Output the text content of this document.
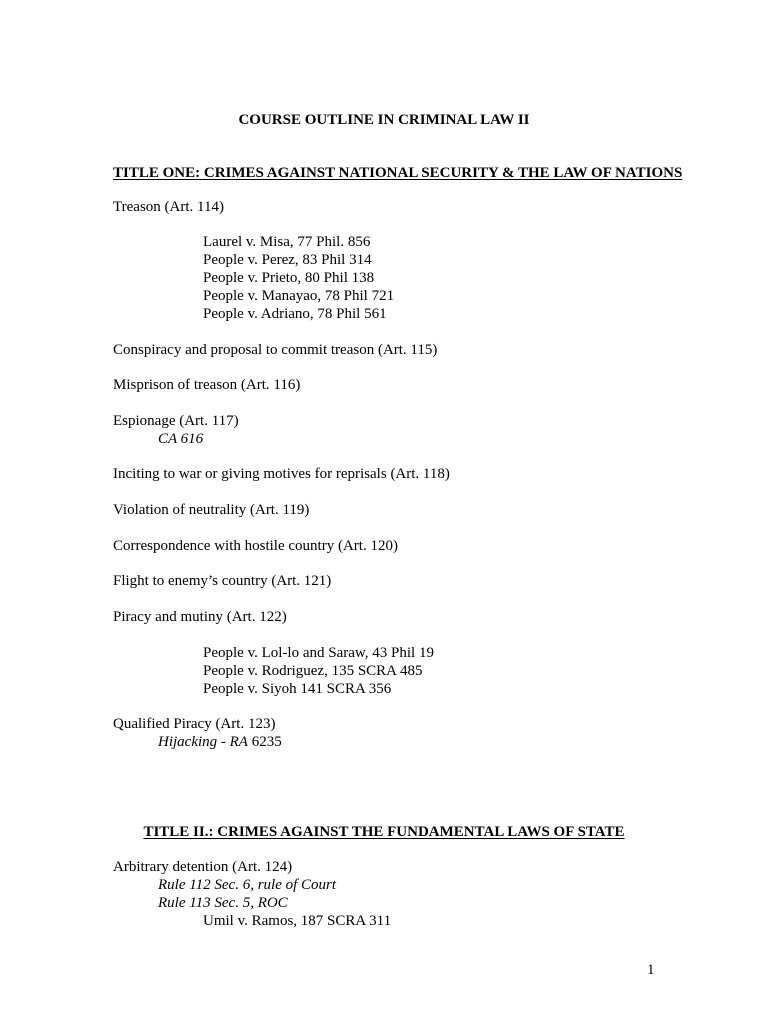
COURSE OUTLINE IN CRIMINAL LAW II
TITLE ONE: CRIMES AGAINST NATIONAL SECURITY & THE LAW OF NATIONS
Treason (Art. 114)
Laurel v. Misa, 77 Phil. 856
People v. Perez, 83 Phil 314
People v. Prieto, 80 Phil 138
People v. Manayao, 78 Phil 721
People v. Adriano, 78 Phil 561
Conspiracy and proposal to commit treason (Art. 115)
Misprison of treason (Art. 116)
Espionage (Art. 117)
CA 616
Inciting to war or giving motives for reprisals (Art. 118)
Violation of neutrality (Art. 119)
Correspondence with hostile country (Art. 120)
Flight to enemy’s country (Art. 121)
Piracy and mutiny (Art. 122)
People v. Lol-lo and Saraw, 43 Phil 19
People v. Rodriguez, 135 SCRA 485
People v. Siyoh 141 SCRA 356
Qualified Piracy (Art. 123)
Hijacking - RA 6235
TITLE II.: CRIMES AGAINST THE FUNDAMENTAL LAWS OF STATE
Arbitrary detention (Art. 124)
Rule 112 Sec. 6, rule of Court
Rule 113 Sec. 5, ROC
Umil v. Ramos, 187 SCRA 311
1
